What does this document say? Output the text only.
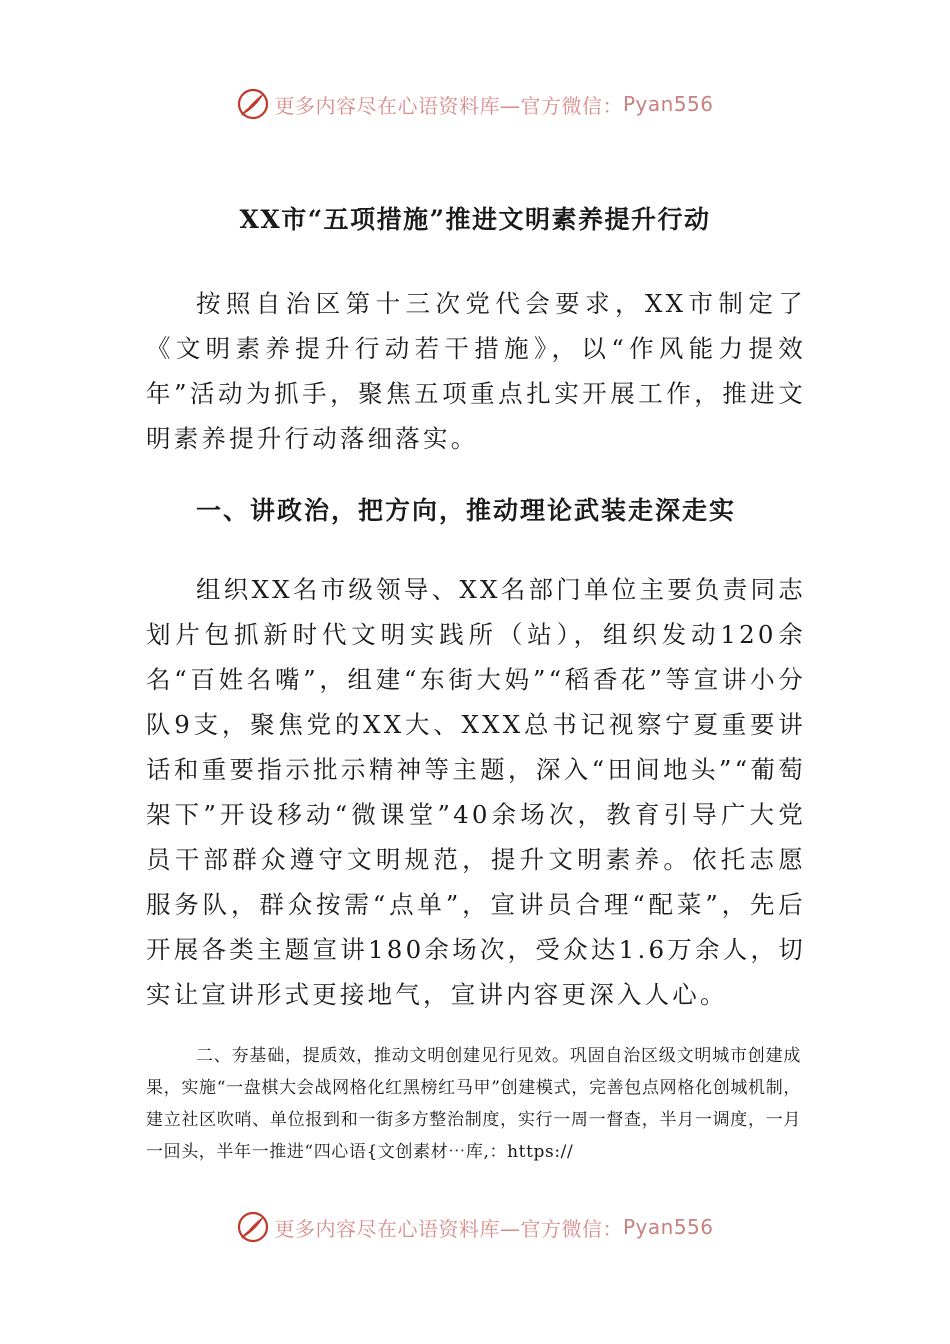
更多内容尽在心语资料库—官方微信： Pyan556
XX市“五项措施”推进文明素养提升行动

按照自治区第十三次党代会要求，XX市制定了《文明素养提升行动若干措施》，以“作风能力提效年”活动为抓手，聚焦五项重点扎实开展工作，推进文明素养提升行动落细落实。

一、讲政治，把方向，推动理论武装走深走实

组织XX名市级领导、XX名部门单位主要负责同志划片包抓新时代文明实践所（站），组织发动120余名“百姓名嘴”，组建“东街大妈”“稻香花”等宣讲小分队9支，聚焦党的XX大、XXX总书记视察宁夏重要讲话和重要指示批示精神等主题，深入“田间地头”“葡萄架下”开设移动“微课堂”40余场次，教育引导广大党员干部群众遵守文明规范，提升文明素养。依托志愿服务队，群众按需“点单”，宣讲员合理“配菜”，先后开展各类主题宣讲180余场次，受众达1.6万余人，切实让宣讲形式更接地气，宣讲内容更深入人心。

二、夯基础，提质效，推动文明创建见行见效。巩固自治区级文明城市创建成果，实施“一盘棋大会战网格化红黑榜红马甲”创建模式，完善包点网格化创城机制，建立社区吹哨、单位报到和一街多方整治制度，实行一周一督查，半月一调度，一月一回头，半年一推进“四心语{文创素材⋯库,：https://

更多内容尽在心语资料库—官方微信： Pyan556
